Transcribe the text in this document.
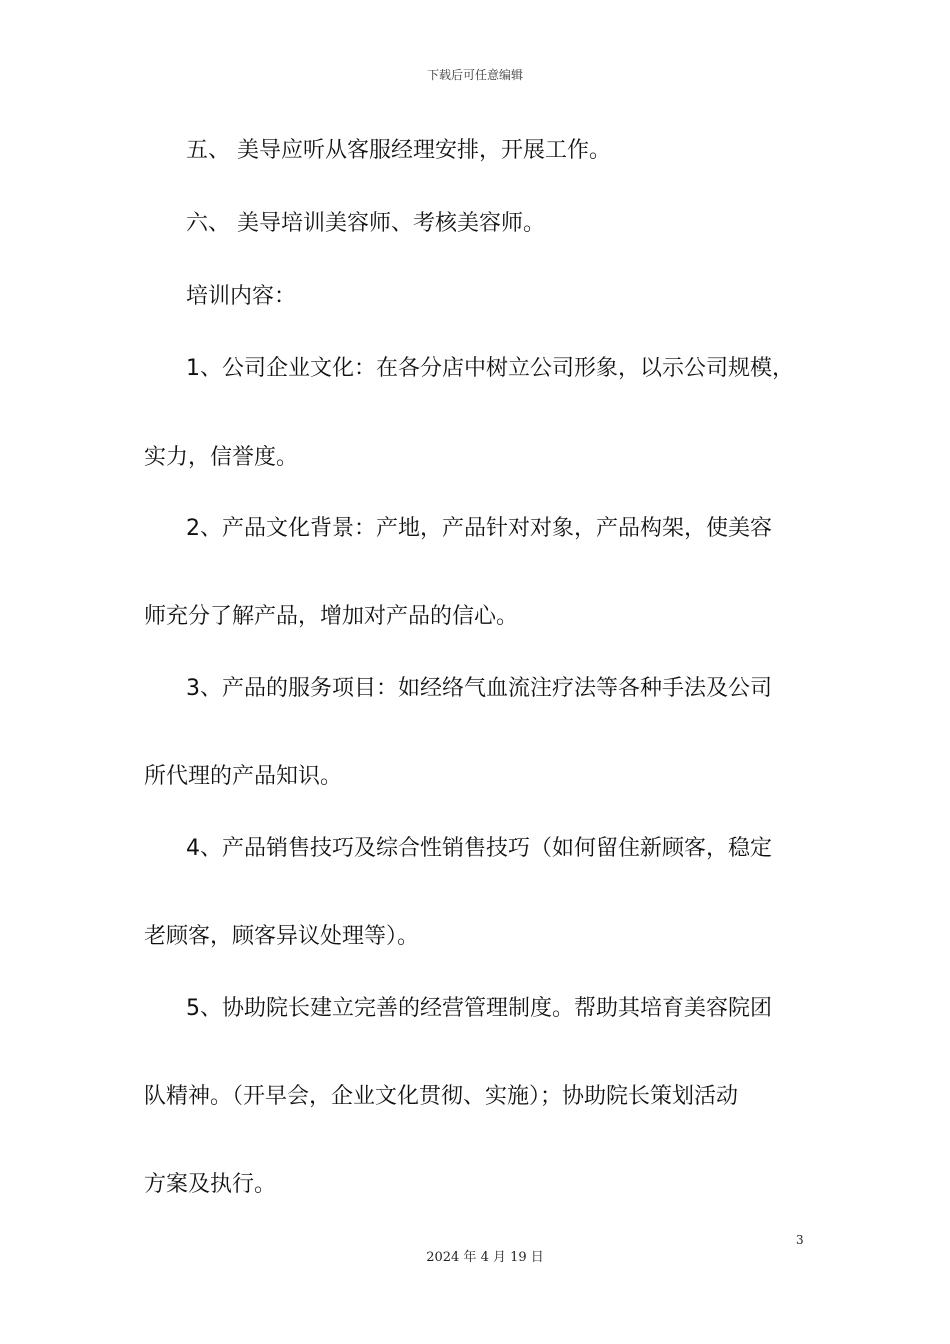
下载后可任意编辑
五、 美导应听从客服经理安排，开展工作。
六、 美导培训美容师、考核美容师。
培训内容：
1、公司企业文化：在各分店中树立公司形象，以示公司规模，
实力，信誉度。
2、产品文化背景：产地，产品针对对象，产品构架，使美容
师充分了解产品，增加对产品的信心。
3、产品的服务项目：如经络气血流注疗法等各种手法及公司
所代理的产品知识。
4、产品销售技巧及综合性销售技巧（如何留住新顾客，稳定
老顾客，顾客异议处理等）。
5、协助院长建立完善的经营管理制度。帮助其培育美容院团
队精神。（开早会，企业文化贯彻、实施）；协助院长策划活动
方案及执行。
3
2024 年 4 月 19 日
